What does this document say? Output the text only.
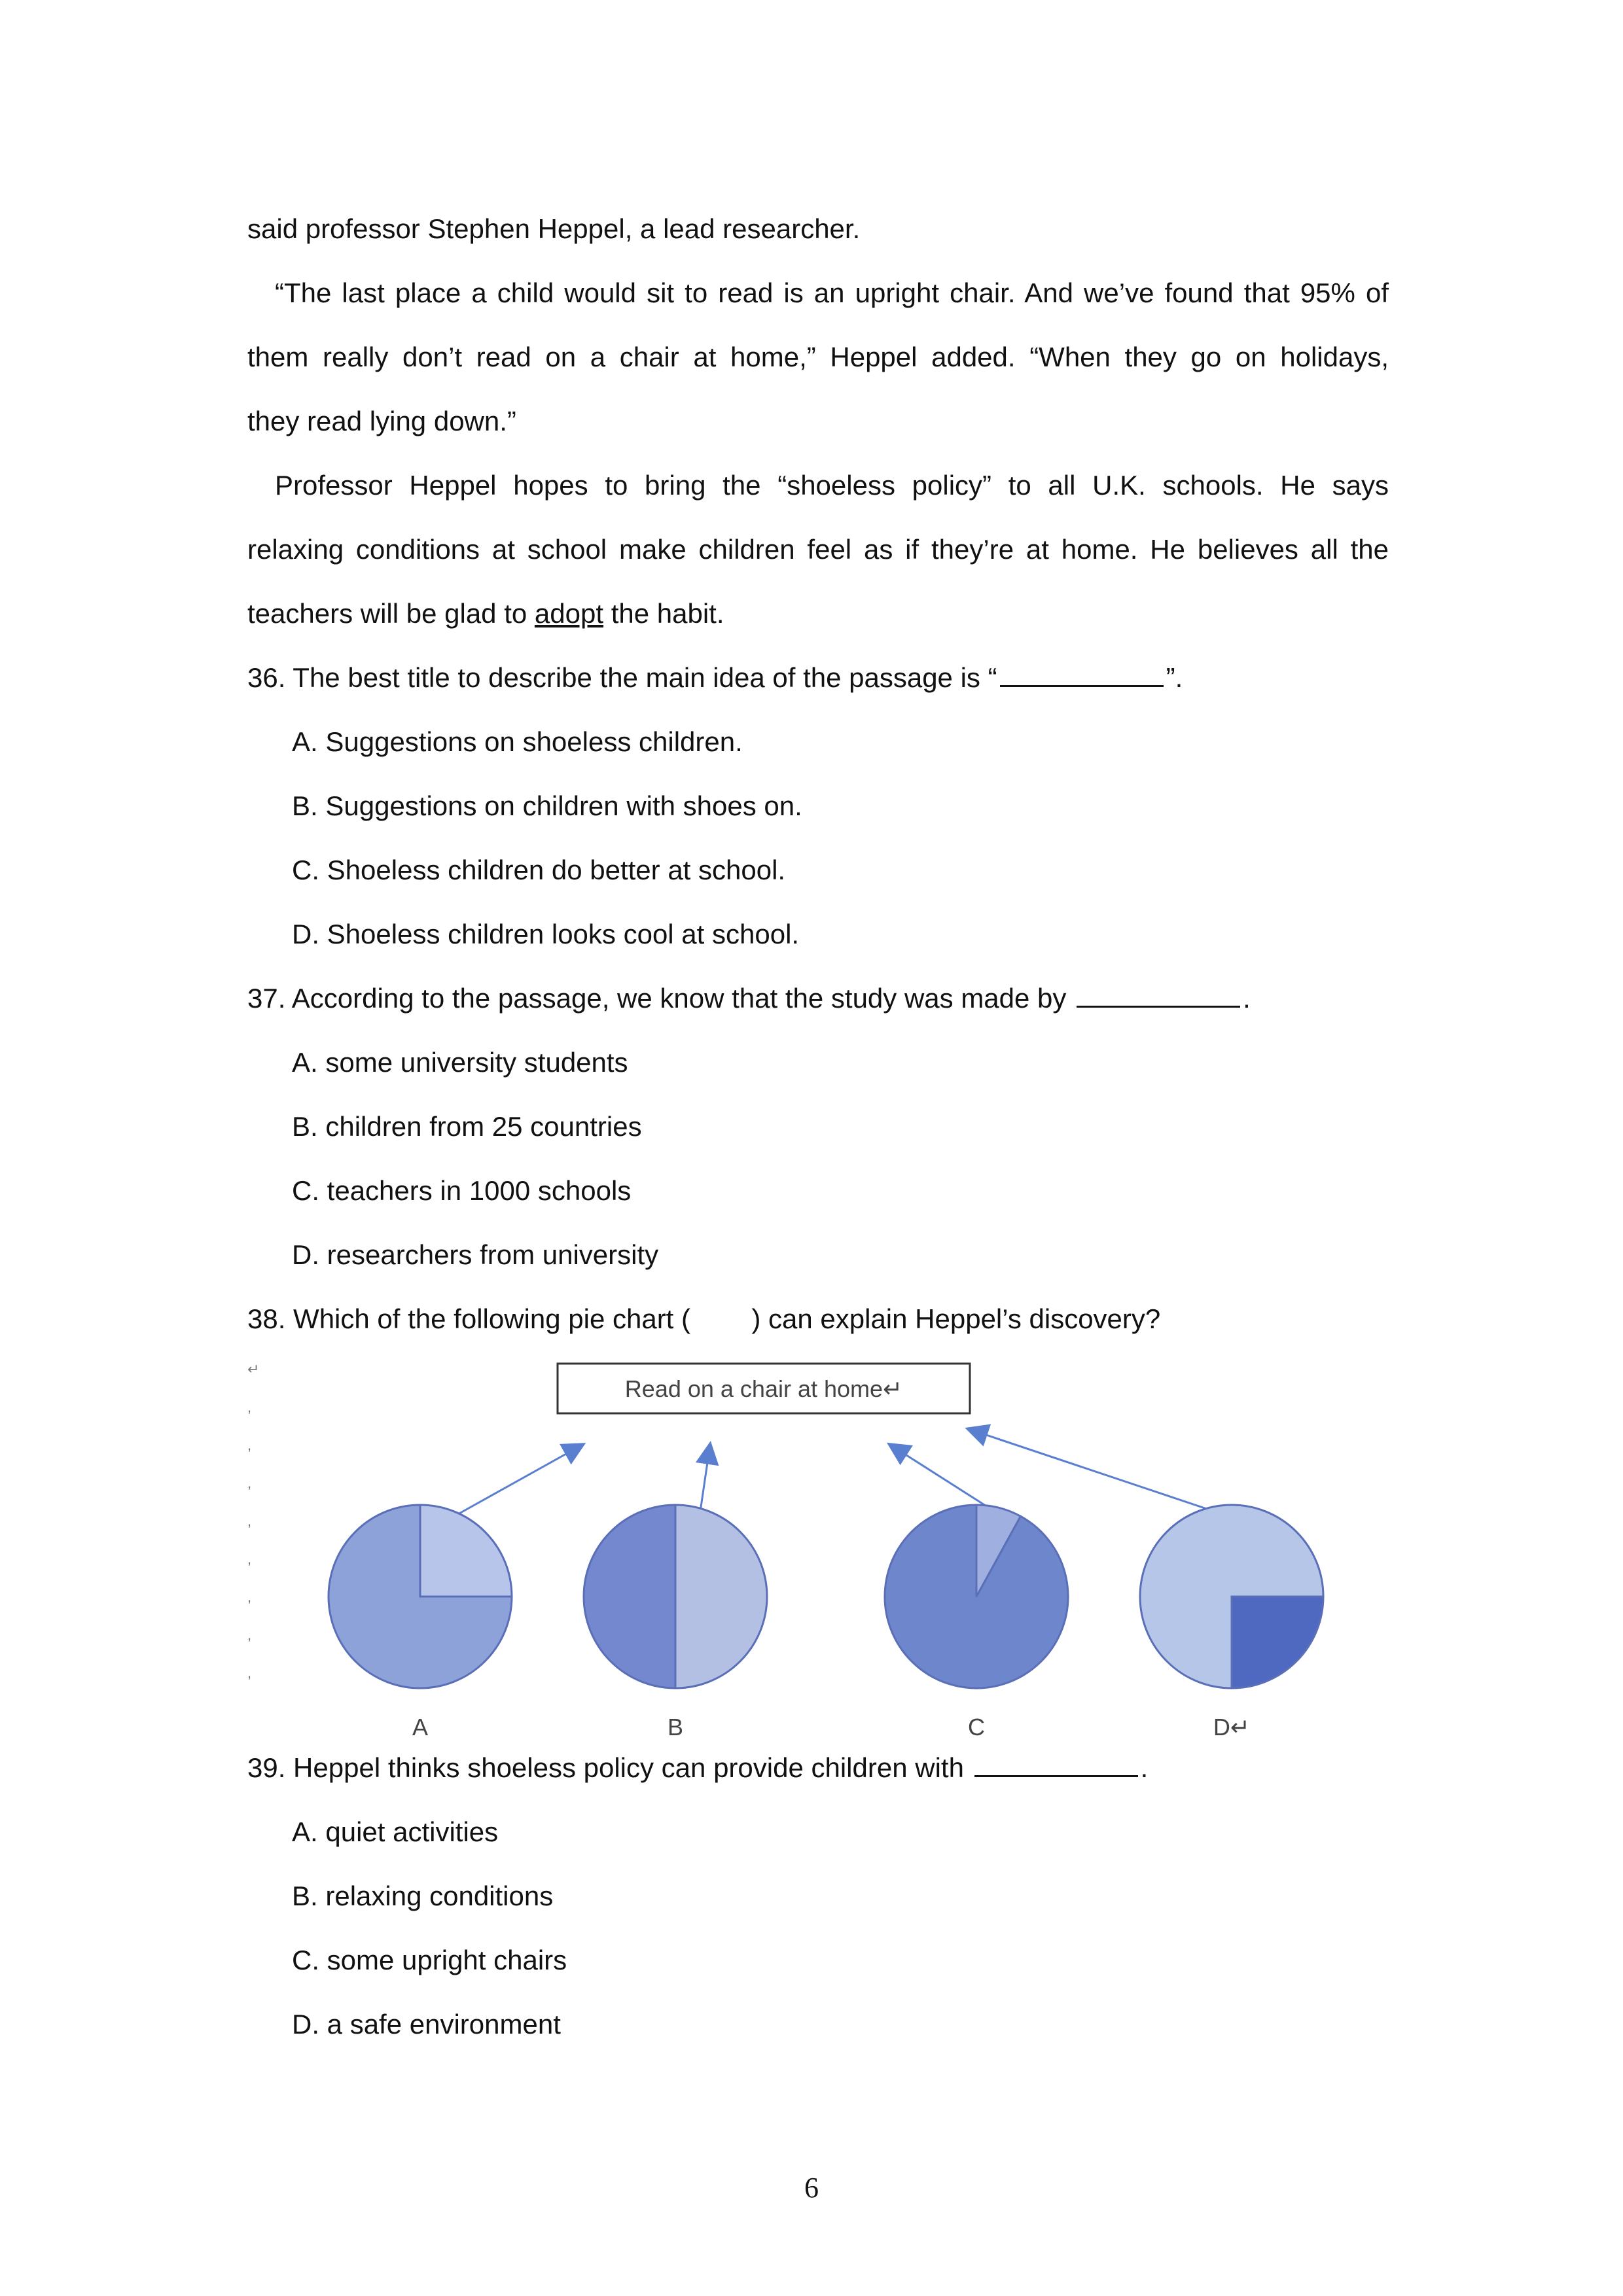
said professor Stephen Heppel, a lead researcher.
“The last place a child would sit to read is an upright chair. And we’ve found that 95% of
them really don’t read on a chair at home,” Heppel added. “When they go on holidays,
they read lying down.”
Professor Heppel hopes to bring the “shoeless policy” to all U.K. schools. He says
relaxing conditions at school make children feel as if they’re at home. He believes all the
teachers will be glad to adopt the habit.
36. The best title to describe the main idea of the passage is “	”.
A. Suggestions on shoeless children.
B. Suggestions on children with shoes on.
C. Shoeless children do better at school.
D. Shoeless children looks cool at school.
37. According to the passage, we know that the study was made by	.
A. some university students
B. children from 25 countries
C. teachers in 1000 schools
D. researchers from university
38. Which of the following pie chart (        ) can explain Heppel’s discovery?
↵
,
,
,
,
,
,
,
,
Read on a chair at home↵
A	B	C	D↵
39. Heppel thinks shoeless policy can provide children with	.
A. quiet activities
B. relaxing conditions
C. some upright chairs
D. a safe environment
6
